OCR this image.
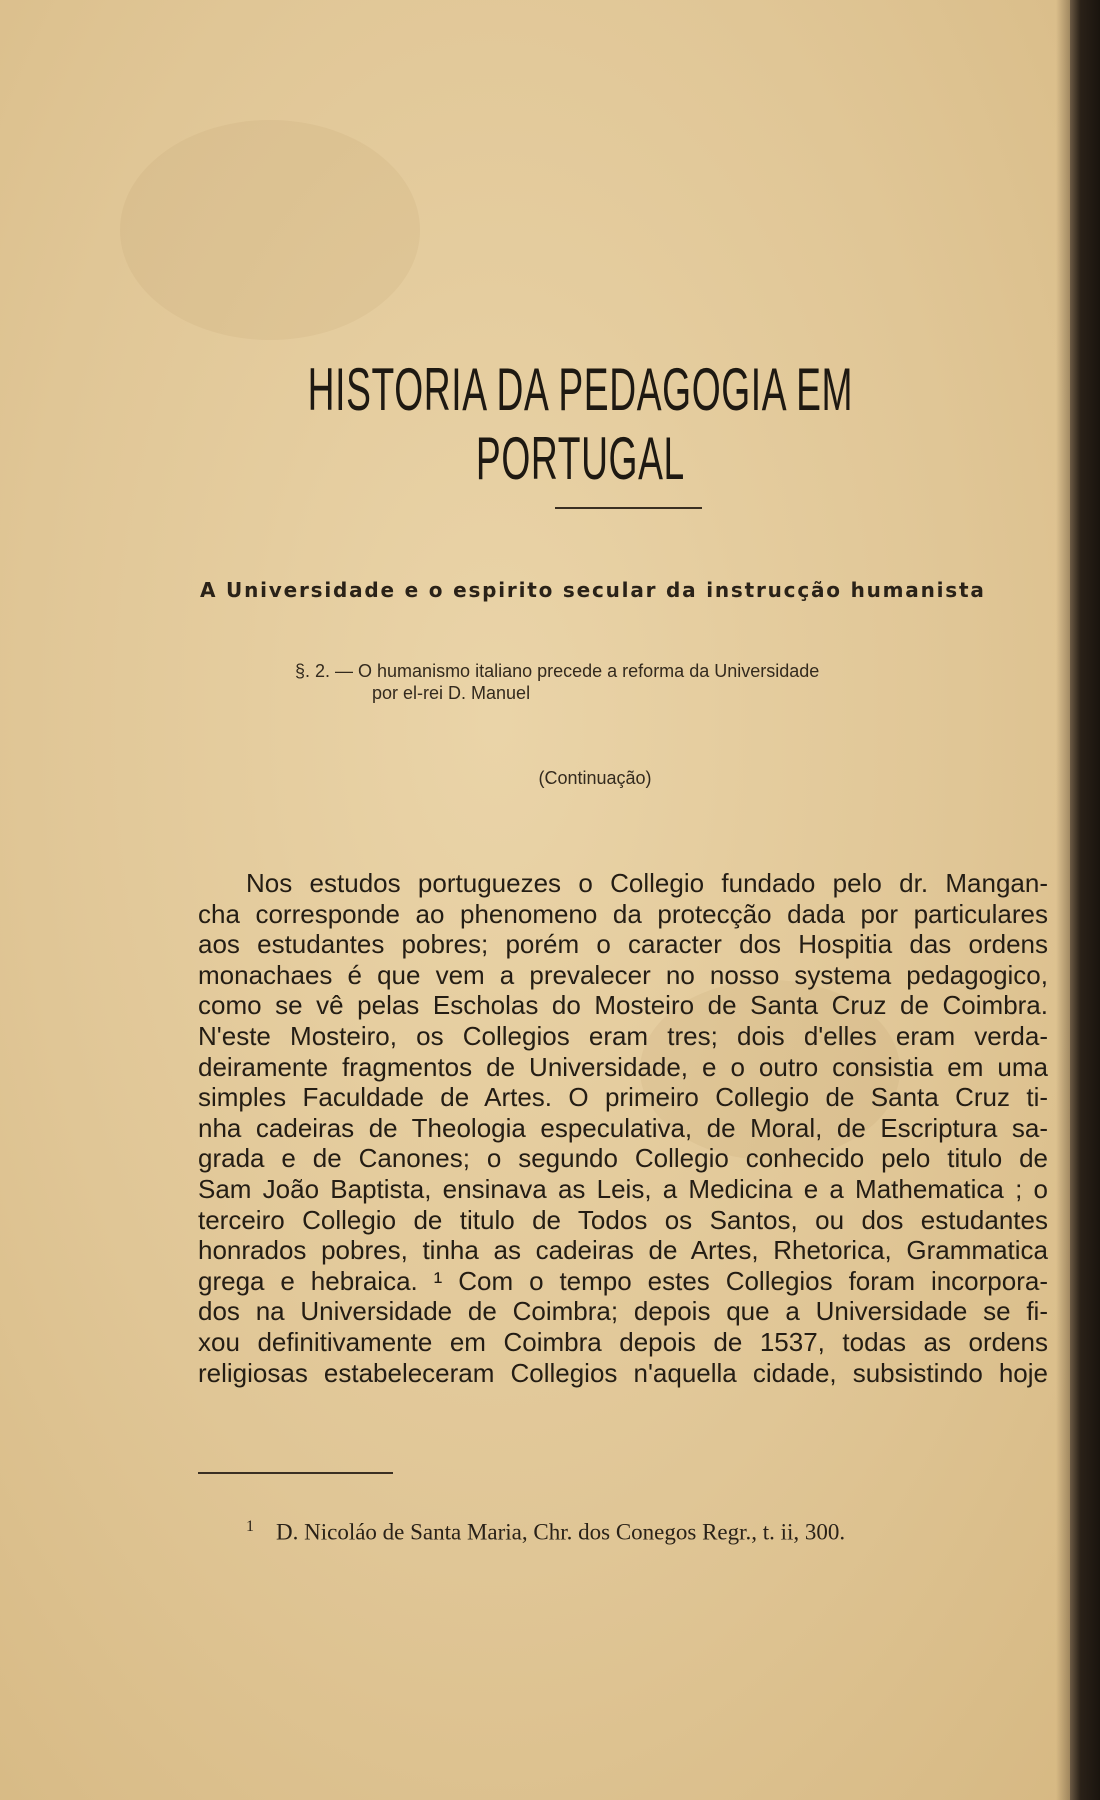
HISTORIA DA PEDAGOGIA EM PORTUGAL
A Universidade e o espirito secular da instrucção humanista
§. 2. — O humanismo italiano precede a reforma da Universidade
por el-rei D. Manuel
(Continuação)
Nos estudos portuguezes o Collegio fundado pelo dr. Mangan-
cha corresponde ao phenomeno da protecção dada por particulares
aos estudantes pobres; porém o caracter dos Hospitia das ordens
monachaes é que vem a prevalecer no nosso systema pedagogico,
como se vê pelas Escholas do Mosteiro de Santa Cruz de Coimbra.
N'este Mosteiro, os Collegios eram tres; dois d'elles eram verda-
deiramente fragmentos de Universidade, e o outro consistia em uma
simples Faculdade de Artes. O primeiro Collegio de Santa Cruz ti-
nha cadeiras de Theologia especulativa, de Moral, de Escriptura sa-
grada e de Canones; o segundo Collegio conhecido pelo titulo de
Sam João Baptista, ensinava as Leis, a Medicina e a Mathematica ; o
terceiro Collegio de titulo de Todos os Santos, ou dos estudantes
honrados pobres, tinha as cadeiras de Artes, Rhetorica, Grammatica
grega e hebraica. ¹ Com o tempo estes Collegios foram incorpora-
dos na Universidade de Coimbra; depois que a Universidade se fi-
xou definitivamente em Coimbra depois de 1537, todas as ordens
religiosas estabeleceram Collegios n'aquella cidade, subsistindo hoje
$^1$ D. Nicoláo de Santa Maria, Chr. dos Conegos Regr., t. ii, 300.
